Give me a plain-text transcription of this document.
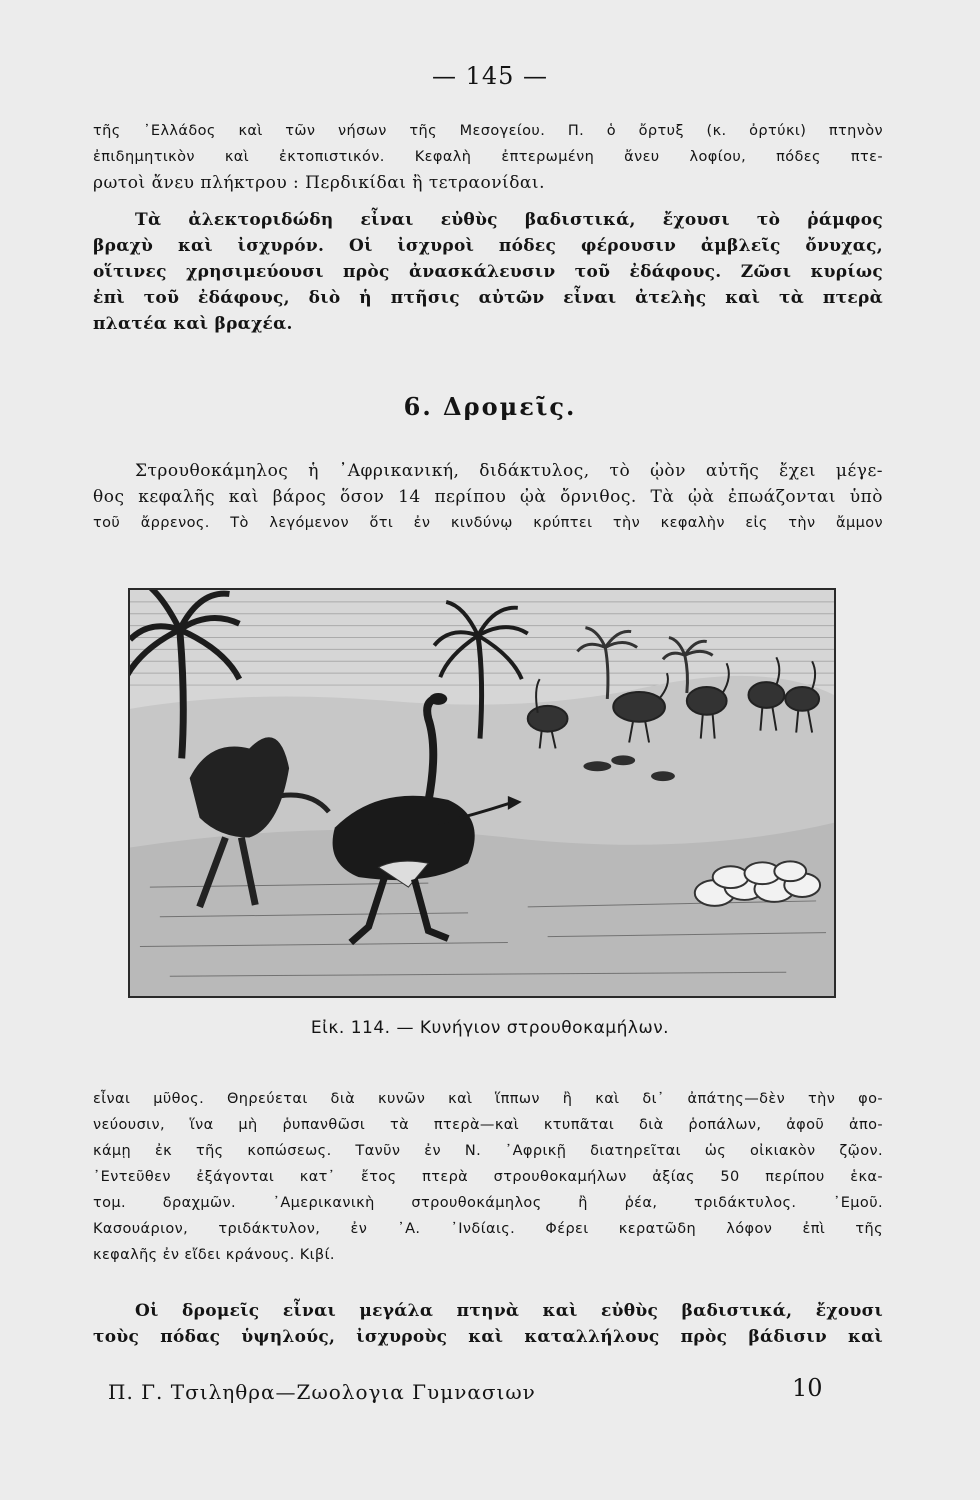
— 145 —
τῆς ᾿Ελλάδος καὶ τῶν νήσων τῆς Μεσογείου. Π. ὁ ὄρτυξ (κ. ὀρτύκι) πτηνὸν
ἐπιδημητικὸν καὶ ἐκτοπιστικόν. Κεφαλὴ ἐπτερωμένη ἄνευ λοφίου, πόδες πτε-
ρωτοὶ ἄνευ πλήκτρου : Περδικίδαι ἢ τετραονίδαι.
Τὰ ἀλεκτοριδώδη εἶναι εὐθὺς βαδιστικά, ἔχουσι τὸ ῥάμφος
βραχὺ καὶ ἰσχυρόν. Οἱ ἰσχυροὶ πόδες φέρουσιν ἀμβλεῖς ὄνυχας,
οἵτινες χρησιμεύουσι πρὸς ἀνασκάλευσιν τοῦ ἐδάφους. Ζῶσι κυρίως
ἐπὶ τοῦ ἐδάφους, διὸ ἡ πτῆσις αὐτῶν εἶναι ἀτελὴς καὶ τὰ πτερὰ
πλατέα καὶ βραχέα.
6. Δρομεῖς.
Στρουθοκάμηλος ἡ ᾿Αφρικανική, διδάκτυλος, τὸ ᾠὸν αὐτῆς ἔχει μέγε-
θος κεφαλῆς καὶ βάρος ὅσον 14 περίπου ᾠὰ ὄρνιθος. Τὰ ᾠὰ ἐπωάζονται ὑπὸ
τοῦ ἄρρενος. Τὸ λεγόμενον ὅτι ἐν κινδύνῳ κρύπτει τὴν κεφαλὴν εἰς τὴν ἄμμον
Εἰκ. 114. — Κυνήγιον στρουθοκαμήλων.
εἶναι μῦθος. Θηρεύεται διὰ κυνῶν καὶ ἵππων ἢ καὶ δι᾿ ἀπάτης—δὲν τὴν φο-
νεύουσιν, ἵνα μὴ ῥυπανθῶσι τὰ πτερὰ—καὶ κτυπᾶται διὰ ῥοπάλων, ἀφοῦ ἀπο-
κάμῃ ἐκ τῆς κοπώσεως. Τανῦν ἐν Ν. ᾿Αφρικῇ διατηρεῖται ὡς οἰκιακὸν ζῷον.
᾿Εντεῦθεν ἐξάγονται κατ᾿ ἔτος πτερὰ στρουθοκαμήλων ἀξίας 50 περίπου ἑκα-
τομ. δραχμῶν. ᾿Αμερικανικὴ στρουθοκάμηλος ἢ ῥέα, τριδάκτυλος. ᾿Εμοῦ.
Κασουάριον, τριδάκτυλον, ἐν ᾿Α. ᾿Ινδίαις. Φέρει κερατῶδη λόφον ἐπὶ τῆς
κεφαλῆς ἐν εἴδει κράνους. Κιβί.
Οἱ δρομεῖς εἶναι μεγάλα πτηνὰ καὶ εὐθὺς βαδιστικά, ἔχουσι
τοὺς πόδας ὑψηλούς, ἰσχυροὺς καὶ καταλλήλους πρὸς βάδισιν καὶ
Π. Γ. Τσιληθρα—Ζωολογια Γυμνασιων	10
